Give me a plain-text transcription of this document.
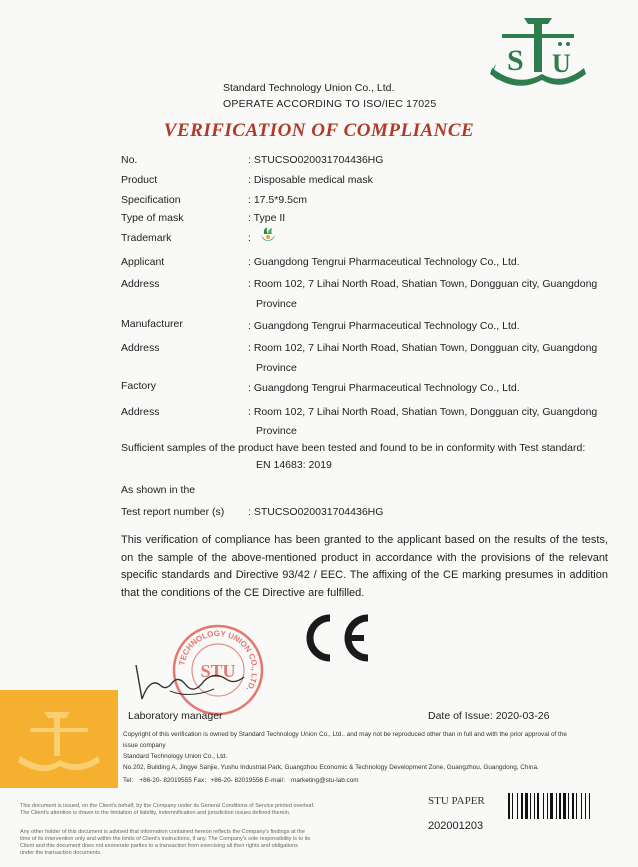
S U
Standard Technology Union Co., Ltd.
OPERATE ACCORDING TO ISO/IEC 17025
VERIFICATION OF COMPLIANCE
No.	: STUCSO020031704436HG
Product	: Disposable medical mask
Specification	: 17.5*9.5cm
Type of mask	: Type II
Trademark	:
Applicant	: Guangdong Tengrui Pharmaceutical Technology Co., Ltd.
Address	: Room 102, 7 Lihai North Road, Shatian Town, Dongguan city, Guangdong
Province
Manufacturer	: Guangdong Tengrui Pharmaceutical Technology Co., Ltd.
Address	: Room 102, 7 Lihai North Road, Shatian Town, Dongguan city, Guangdong
Province
Factory	: Guangdong Tengrui Pharmaceutical Technology Co., Ltd.
Address	: Room 102, 7 Lihai North Road, Shatian Town, Dongguan city, Guangdong
Province
Sufficient samples of the product have been tested and found to be in conformity with Test standard:
EN 14683: 2019
As shown in the
Test report number (s) : STUCSO020031704436HG
This verification of compliance has been granted to the applicant based on the results of the tests, on the sample of the above-mentioned product in accordance with the provisions of the relevant specific standards and Directive 93/42 / EEC. The affixing of the CE marking presumes in addition that the conditions of the CE Directive are fulfilled.
TECHNOLOGY UNION CO., LTD.
STU
Laboratory manager	Date of Issue: 2020-03-26
Copyright of this verification is owned by Standard Technology Union Co., Ltd.. and may not be reproduced other than in full and with the prior approval of the
issue company
Standard Technology Union Co., Ltd.
No.202, Building A, Jingye Sanjie, Yushu Industrial Park, Guangzhou Economic & Technology Development Zone, Guangzhou, Guangdong, China.
Tel： +86-20- 82019555 Fax：+86-20- 82019556 E-mail： marketing@stu-lab.com
This document is issued, on the Client's behalf, by the Company under its General Conditions of Service printed overleaf.
The Client's attention is drawn to the limitation of liability, indemnification and jurisdiction issues defined therein.
Any other holder of this document is advised that information contained hereon reflects the Company's findings at the
time of its intervention only and within the limits of Client's instructions, if any. The Company's sole responsibility is to its
Client and this document does not exonerate parties to a transaction from exercising all their rights and obligations
under the transaction documents.
STU PAPER
202001203
